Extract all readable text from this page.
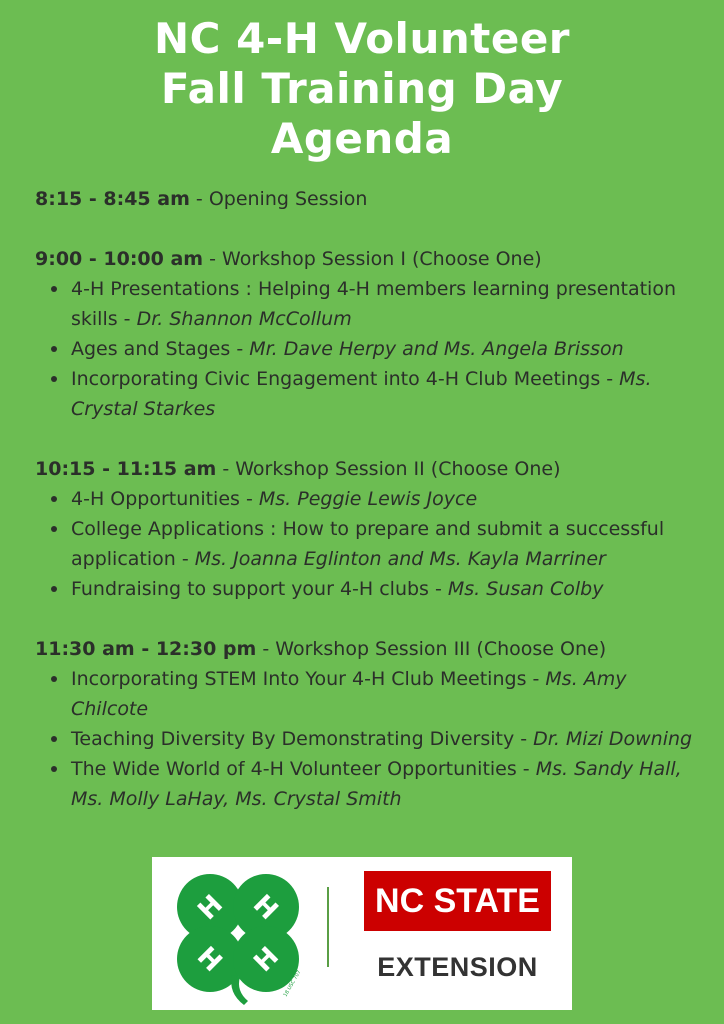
NC 4-H Volunteer
Fall Training Day
Agenda
8:15 - 8:45 am - Opening Session
9:00 - 10:00 am - Workshop Session I (Choose One)
4-H Presentations : Helping 4-H members learning presentation skills - Dr. Shannon McCollum
Ages and Stages - Mr. Dave Herpy and Ms. Angela Brisson
Incorporating Civic Engagement into 4-H Club Meetings - Ms. Crystal Starkes
10:15 - 11:15 am - Workshop Session II (Choose One)
4-H Opportunities - Ms. Peggie Lewis Joyce
College Applications : How to prepare and submit a successful application - Ms. Joanna Eglinton and Ms. Kayla Marriner
Fundraising to support your 4-H clubs - Ms. Susan Colby
11:30 am - 12:30 pm - Workshop Session III (Choose One)
Incorporating STEM Into Your 4-H Club Meetings - Ms. Amy Chilcote
Teaching Diversity By Demonstrating Diversity - Dr. Mizi Downing
The Wide World of 4-H Volunteer Opportunities - Ms. Sandy Hall, Ms. Molly LaHay, Ms. Crystal Smith
H H
H H
18 USC 707
NC STATE
EXTENSION
